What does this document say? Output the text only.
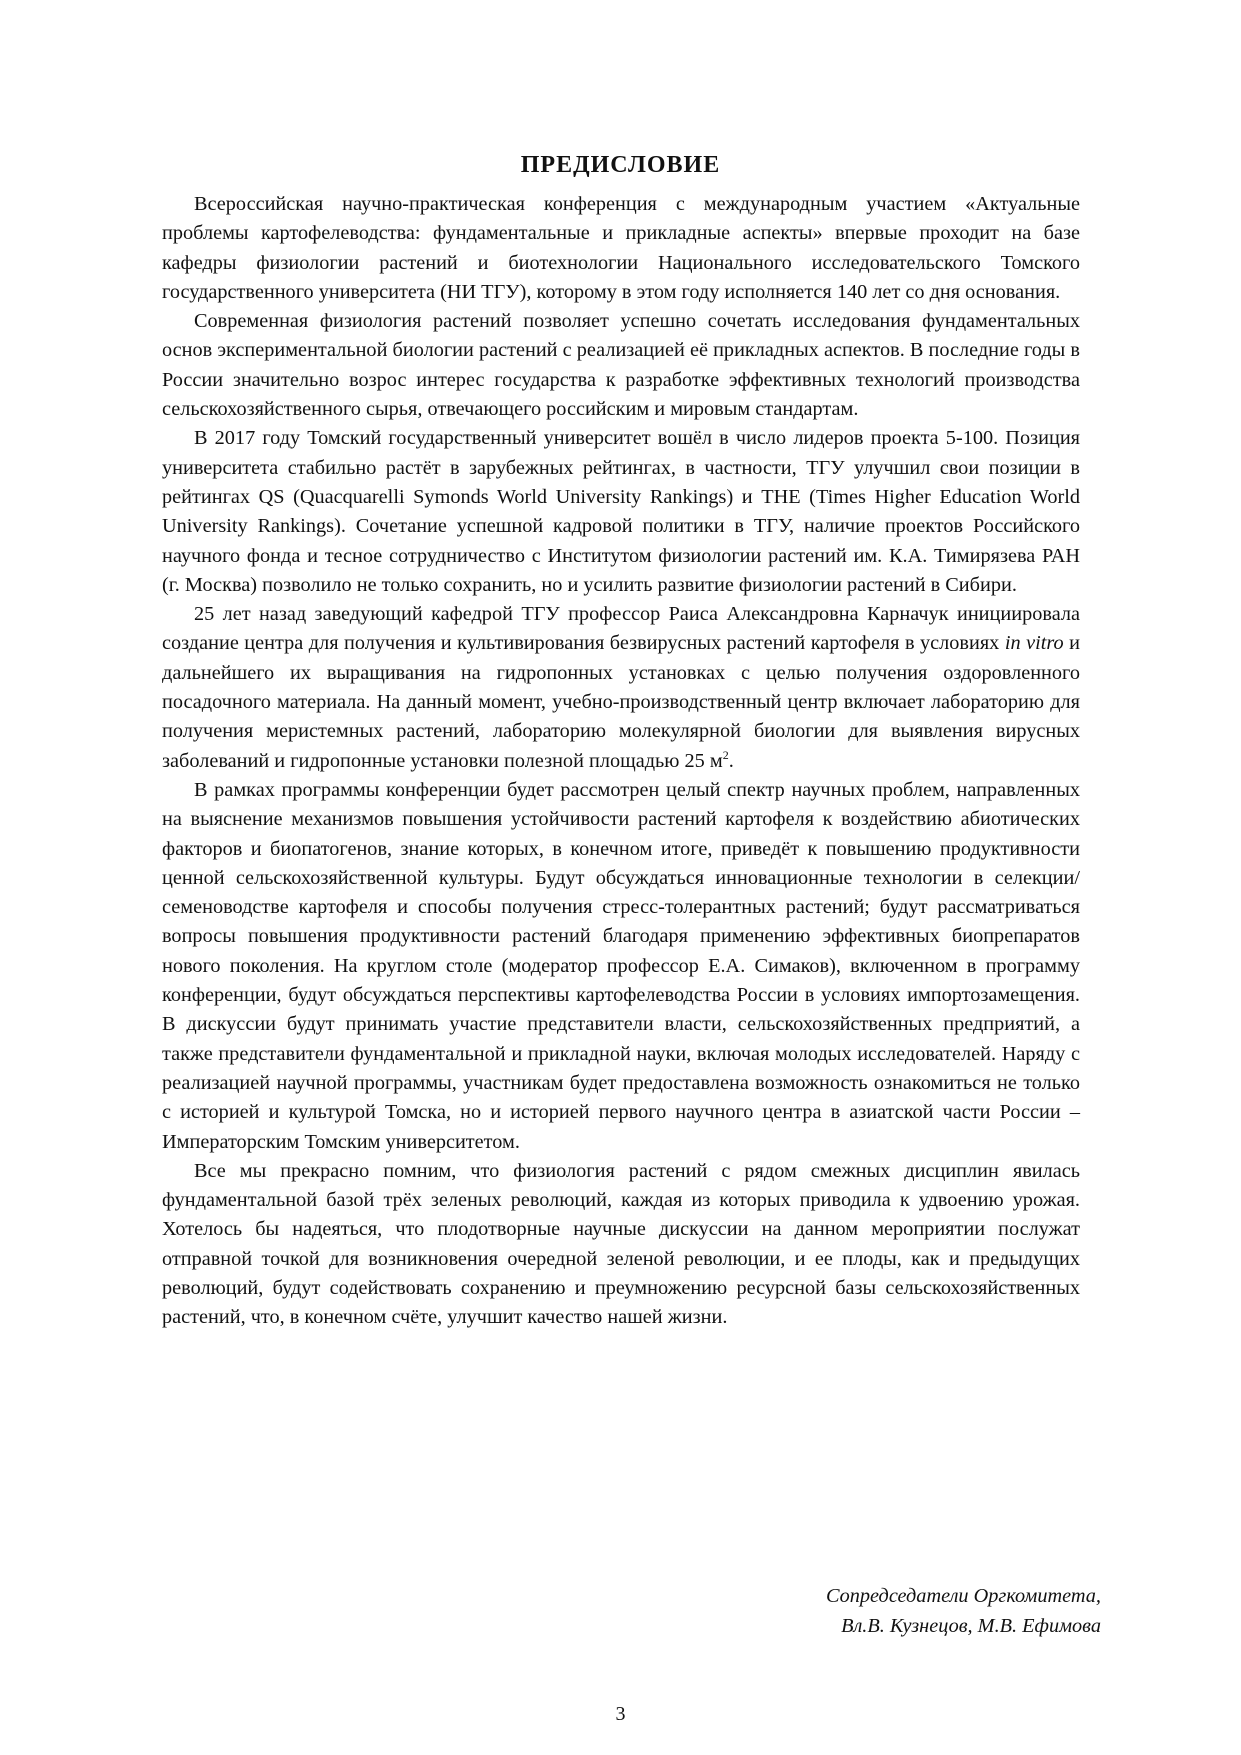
ПРЕДИСЛОВИЕ

Всероссийская научно-практическая конференция с международным участием «Актуальные проблемы картофелеводства: фундаментальные и прикладные аспекты» впервые проходит на базе кафедры физиологии растений и биотехнологии Национального исследовательского Томского государственного университета (НИ ТГУ), которому в этом году исполняется 140 лет со дня основания.

Современная физиология растений позволяет успешно сочетать исследования фундаментальных основ экспериментальной биологии растений с реализацией её прикладных аспектов. В последние годы в России значительно возрос интерес государства к разработке эффективных технологий производства сельскохозяйственного сырья, отвечающего российским и мировым стандартам.

В 2017 году Томский государственный университет вошёл в число лидеров проекта 5-100. Позиция университета стабильно растёт в зарубежных рейтингах, в частности, ТГУ улучшил свои позиции в рейтингах QS (Quacquarelli Symonds World University Rankings) и THE (Times Higher Education World University Rankings). Сочетание успешной кадровой политики в ТГУ, наличие проектов Российского научного фонда и тесное сотрудничество с Институтом физиологии растений им. К.А. Тимирязева РАН (г. Москва) позволило не только сохранить, но и усилить развитие физиологии растений в Сибири.

25 лет назад заведующий кафедрой ТГУ профессор Раиса Александровна Карначук инициировала создание центра для получения и культивирования безвирусных растений картофеля в условиях in vitro и дальнейшего их выращивания на гидропонных установках с целью получения оздоровленного посадочного материала. На данный момент, учебно-производственный центр включает лабораторию для получения меристемных растений, лабораторию молекулярной биологии для выявления вирусных заболеваний и гидропонные установки полезной площадью 25 $м^2$.

В рамках программы конференции будет рассмотрен целый спектр научных проблем, направленных на выяснение механизмов повышения устойчивости растений картофеля к воздействию абиотических факторов и биопатогенов, знание которых, в конечном итоге, приведёт к повышению продуктивности ценной сельскохозяйственной культуры. Будут обсуждаться инновационные технологии в селекции/семеноводстве картофеля и способы получения стресс-толерантных растений; будут рассматриваться вопросы повышения продуктивности растений благодаря применению эффективных биопрепаратов нового поколения. На круглом столе (модератор профессор Е.А. Симаков), включенном в программу конференции, будут обсуждаться перспективы картофелеводства России в условиях импортозамещения. В дискуссии будут принимать участие представители власти, сельскохозяйственных предприятий, а также представители фундаментальной и прикладной науки, включая молодых исследователей. Наряду с реализацией научной программы, участникам будет предоставлена возможность ознакомиться не только с историей и культурой Томска, но и историей первого научного центра в азиатской части России – Императорским Томским университетом.

Все мы прекрасно помним, что физиология растений с рядом смежных дисциплин явилась фундаментальной базой трёх зеленых революций, каждая из которых приводила к удвоению урожая. Хотелось бы надеяться, что плодотворные научные дискуссии на данном мероприятии послужат отправной точкой для возникновения очередной зеленой революции, и ее плоды, как и предыдущих революций, будут содействовать сохранению и преумножению ресурсной базы сельскохозяйственных растений, что, в конечном счёте, улучшит качество нашей жизни.

Сопредседатели Оргкомитета,
Вл.В. Кузнецов, М.В. Ефимова
3
